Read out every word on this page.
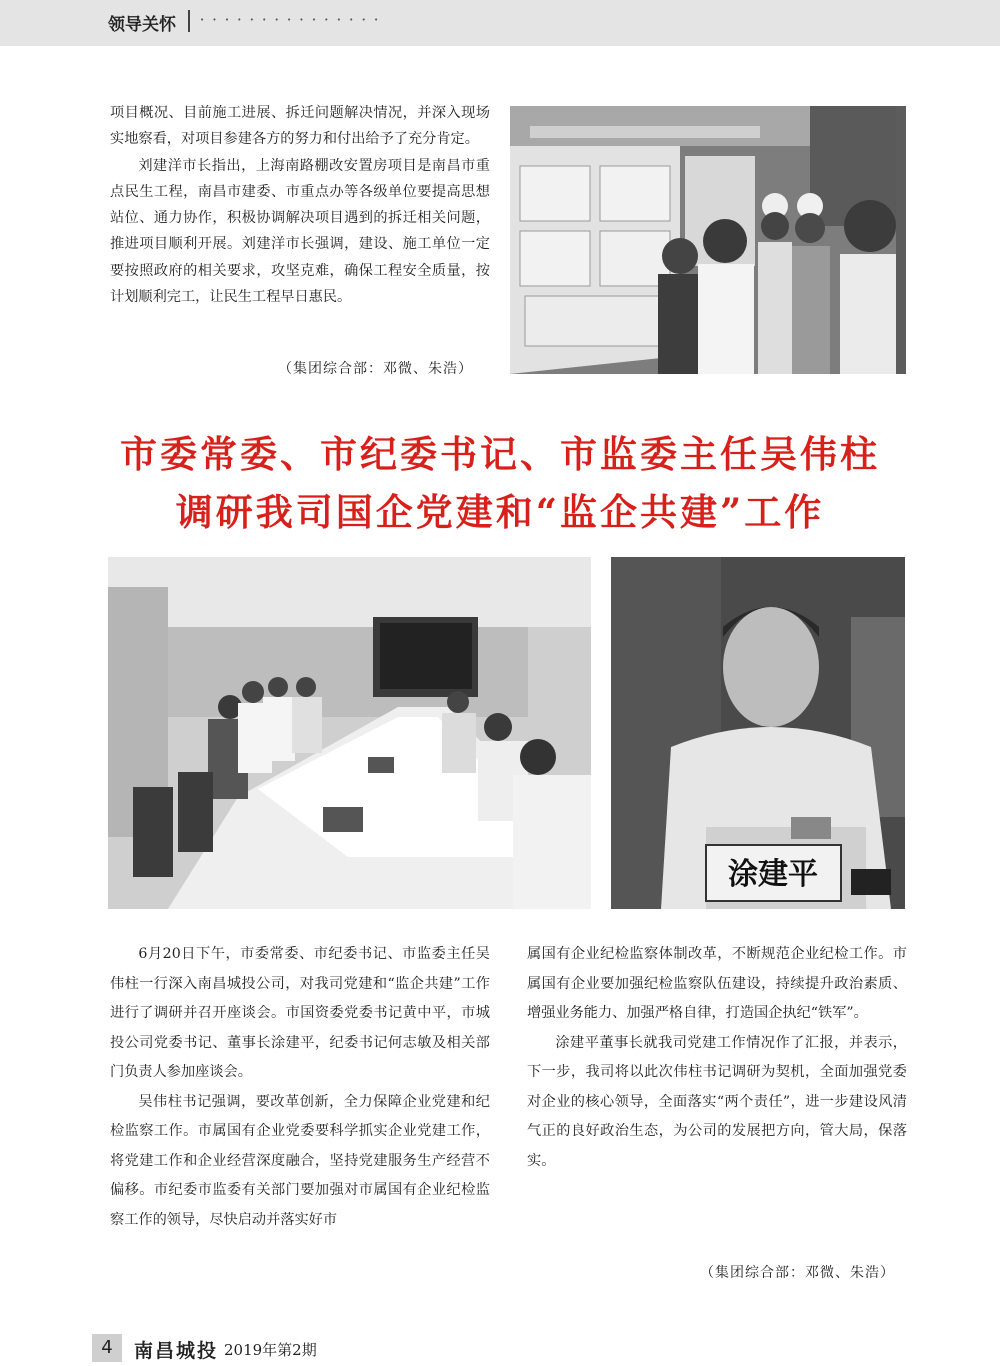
领导关怀	• • • • • • • • • • • • • • •

项目概况、目前施工进展、拆迁问题解决情况，并深入现场实地察看，对项目参建各方的努力和付出给予了充分肯定。

刘建洋市长指出，上海南路棚改安置房项目是南昌市重点民生工程，南昌市建委、市重点办等各级单位要提高思想站位、通力协作，积极协调解决项目遇到的拆迁相关问题，推进项目顺利开展。刘建洋市长强调，建设、施工单位一定要按照政府的相关要求，攻坚克难，确保工程安全质量，按计划顺利完工，让民生工程早日惠民。

（集团综合部：邓微、朱浩）
市委常委、市纪委书记、市监委主任吴伟柱
调研我司国企党建和“监企共建”工作
涂建平

6月20日下午，市委常委、市纪委书记、市监委主任吴伟柱一行深入南昌城投公司，对我司党建和“监企共建”工作进行了调研并召开座谈会。市国资委党委书记黄中平，市城投公司党委书记、董事长涂建平，纪委书记何志敏及相关部门负责人参加座谈会。

吴伟柱书记强调，要改革创新，全力保障企业党建和纪检监察工作。市属国有企业党委要科学抓实企业党建工作，将党建工作和企业经营深度融合，坚持党建服务生产经营不偏移。市纪委市监委有关部门要加强对市属国有企业纪检监察工作的领导，尽快启动并落实好市

属国有企业纪检监察体制改革，不断规范企业纪检工作。市属国有企业要加强纪检监察队伍建设，持续提升政治素质、增强业务能力、加强严格自律，打造国企执纪“铁军”。

涂建平董事长就我司党建工作情况作了汇报，并表示，下一步，我司将以此次伟柱书记调研为契机，全面加强党委对企业的核心领导，全面落实“两个责任”，进一步建设风清气正的良好政治生态，为公司的发展把方向，管大局，保落实。

（集团综合部：邓微、朱浩）
4	南昌城投 2019年第2期
